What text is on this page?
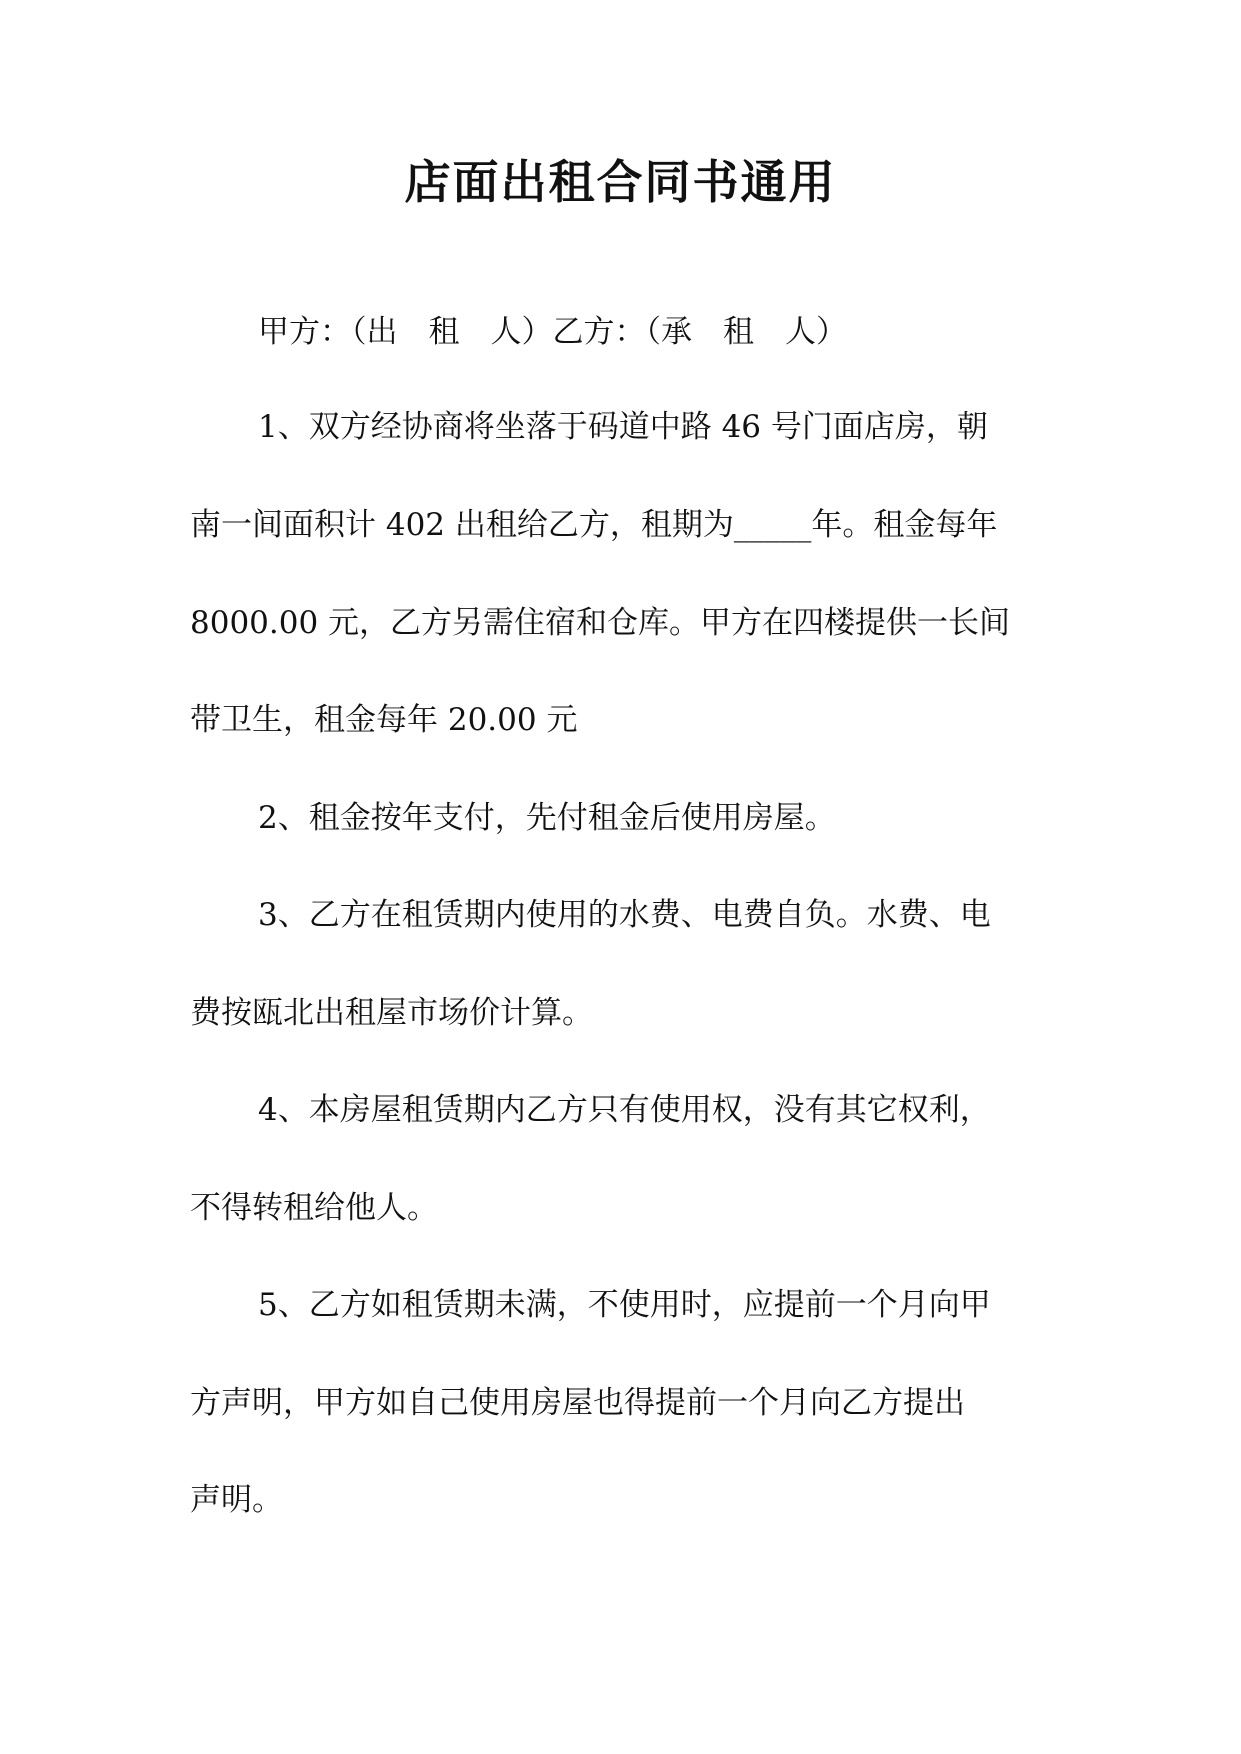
店面出租合同书通用
甲方：（出　租　人）乙方：（承　租　人）
1、双方经协商将坐落于码道中路 46 号门面店房，朝
南一间面积计 402 出租给乙方，租期为_____年。租金每年
8000.00 元，乙方另需住宿和仓库。甲方在四楼提供一长间
带卫生，租金每年 20.00 元
2、租金按年支付，先付租金后使用房屋。
3、乙方在租赁期内使用的水费、电费自负。水费、电
费按瓯北出租屋市场价计算。
4、本房屋租赁期内乙方只有使用权，没有其它权利，
不得转租给他人。
5、乙方如租赁期未满，不使用时，应提前一个月向甲
方声明，甲方如自己使用房屋也得提前一个月向乙方提出
声明。
